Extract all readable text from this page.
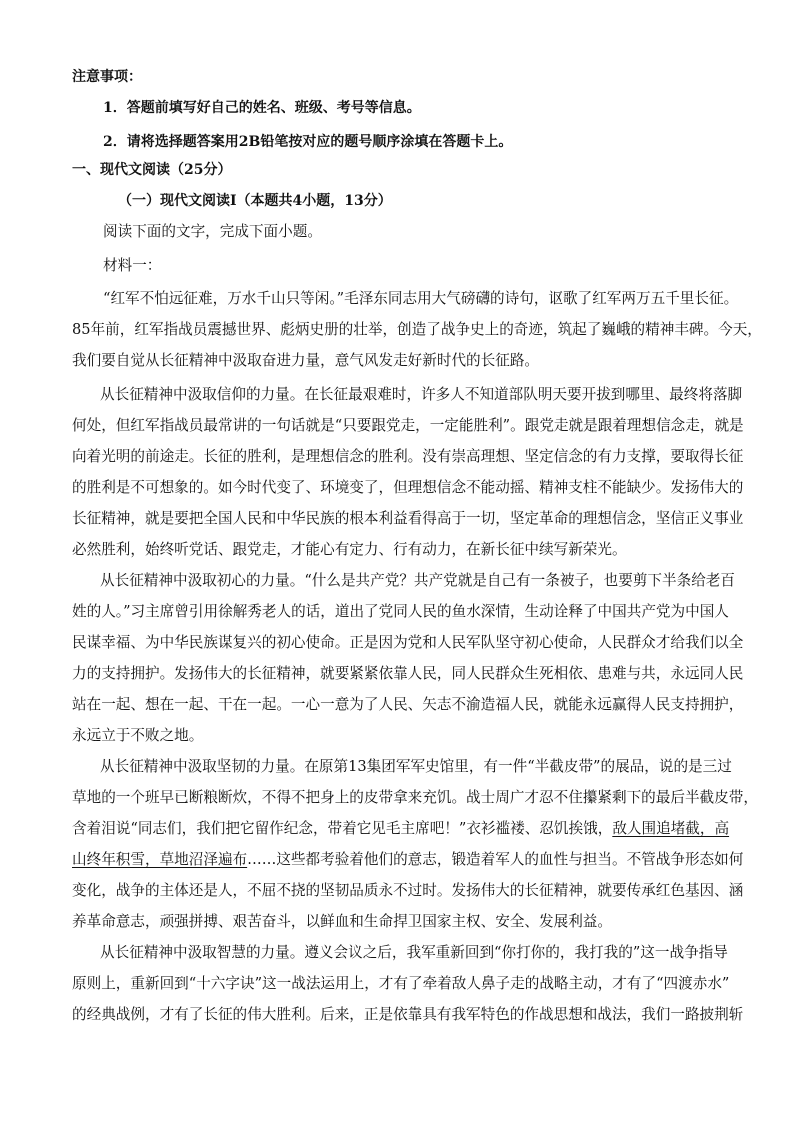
注意事项：
1．答题前填写好自己的姓名、班级、考号等信息。
2．请将选择题答案用2B铅笔按对应的题号顺序涂填在答题卡上。
一、现代文阅读（25分）
（一）现代文阅读Ⅰ（本题共4小题，13分）
阅读下面的文字，完成下面小题。
材料一：
“红军不怕远征难，万水千山只等闲。”毛泽东同志用大气磅礴的诗句，讴歌了红军两万五千里长征。
85年前，红军指战员震撼世界、彪炳史册的壮举，创造了战争史上的奇迹，筑起了巍峨的精神丰碑。今天，
我们要自觉从长征精神中汲取奋进力量，意气风发走好新时代的长征路。
从长征精神中汲取信仰的力量。在长征最艰难时，许多人不知道部队明天要开拔到哪里、最终将落脚
何处，但红军指战员最常讲的一句话就是“只要跟党走，一定能胜利”。跟党走就是跟着理想信念走，就是
向着光明的前途走。长征的胜利，是理想信念的胜利。没有崇高理想、坚定信念的有力支撑，要取得长征
的胜利是不可想象的。如今时代变了、环境变了，但理想信念不能动摇、精神支柱不能缺少。发扬伟大的
长征精神，就是要把全国人民和中华民族的根本利益看得高于一切，坚定革命的理想信念，坚信正义事业
必然胜利，始终听党话、跟党走，才能心有定力、行有动力，在新长征中续写新荣光。
从长征精神中汲取初心的力量。“什么是共产党？共产党就是自己有一条被子，也要剪下半条给老百
姓的人。”习主席曾引用徐解秀老人的话，道出了党同人民的鱼水深情，生动诠释了中国共产党为中国人
民谋幸福、为中华民族谋复兴的初心使命。正是因为党和人民军队坚守初心使命，人民群众才给我们以全
力的支持拥护。发扬伟大的长征精神，就要紧紧依靠人民，同人民群众生死相依、患难与共，永远同人民
站在一起、想在一起、干在一起。一心一意为了人民、矢志不渝造福人民，就能永远赢得人民支持拥护，
永远立于不败之地。
从长征精神中汲取坚韧的力量。在原第13集团军军史馆里，有一件“半截皮带”的展品，说的是三过
草地的一个班早已断粮断炊，不得不把身上的皮带拿来充饥。战士周广才忍不住攥紧剩下的最后半截皮带，
含着泪说“同志们，我们把它留作纪念，带着它见毛主席吧！”衣衫褴褛、忍饥挨饿，敌人围追堵截，高
山终年积雪，草地沼泽遍布……这些都考验着他们的意志，锻造着军人的血性与担当。不管战争形态如何
变化，战争的主体还是人，不屈不挠的坚韧品质永不过时。发扬伟大的长征精神，就要传承红色基因、涵
养革命意志，顽强拼搏、艰苦奋斗，以鲜血和生命捍卫国家主权、安全、发展利益。
从长征精神中汲取智慧的力量。遵义会议之后，我军重新回到“你打你的，我打我的”这一战争指导
原则上，重新回到“十六字诀”这一战法运用上，才有了牵着敌人鼻子走的战略主动，才有了“四渡赤水”
的经典战例，才有了长征的伟大胜利。后来，正是依靠具有我军特色的作战思想和战法，我们一路披荆斩
